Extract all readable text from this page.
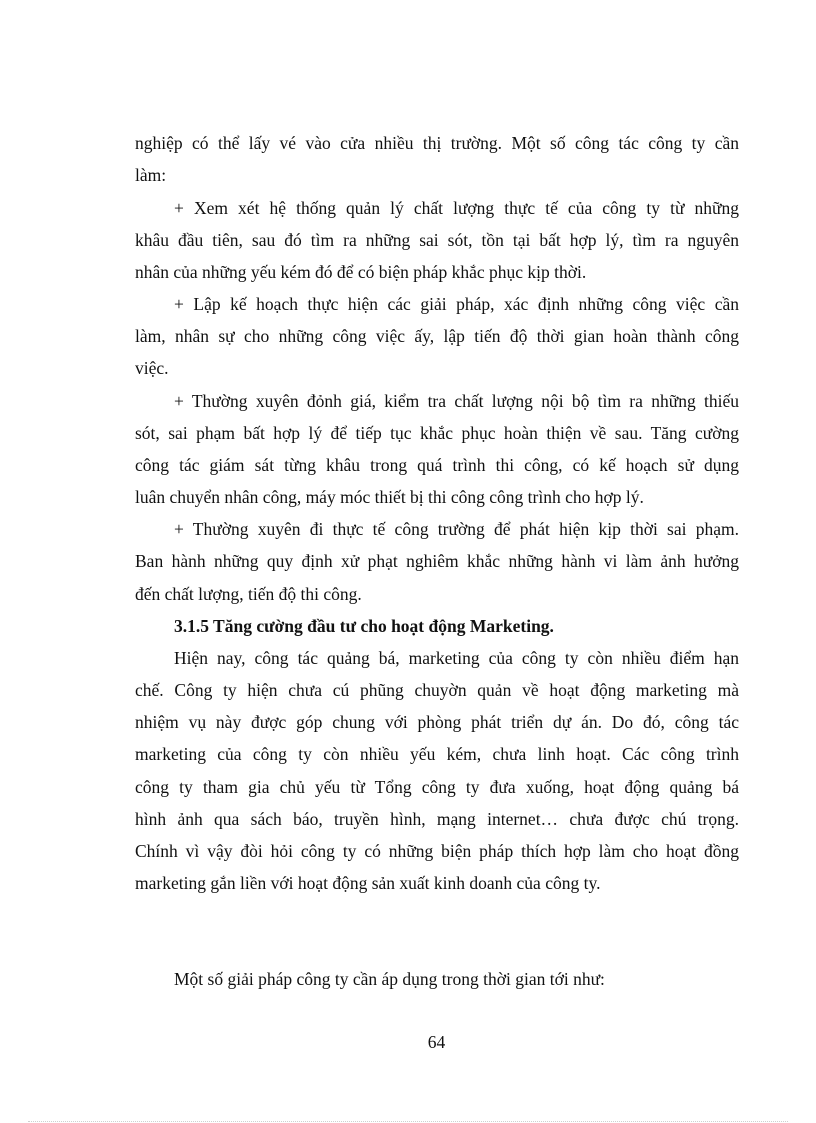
nghiệp có thể lấy vé vào cửa nhiều thị trường. Một số công tác công ty cần
làm:
+ Xem xét hệ thống quản lý chất lượng thực tế của công ty từ những
khâu đầu tiên, sau đó tìm ra những sai sót, tồn tại bất hợp lý, tìm ra nguyên
nhân của những yếu kém đó để có biện pháp khắc phục kịp thời.
+ Lập kế hoạch thực hiện các giải pháp, xác định những công việc cần
làm, nhân sự cho những công việc ấy, lập tiến độ thời gian hoàn thành công
việc.
+ Thường xuyên đỏnh giá, kiểm tra chất lượng nội bộ tìm ra những thiếu
sót, sai phạm bất hợp lý để tiếp tục khắc phục hoàn thiện về sau. Tăng cường
công tác giám sát từng khâu trong quá trình thi công, có kế hoạch sử dụng
luân chuyển nhân công, máy móc thiết bị thi công công trình cho hợp lý.
+ Thường xuyên đi thực tế công trường để phát hiện kịp thời sai phạm.
Ban hành những quy định xử phạt nghiêm khắc những hành vi làm ảnh hưởng
đến chất lượng, tiến độ thi công.
3.1.5 Tăng cường đầu tư cho hoạt động Marketing.
Hiện nay, công tác quảng bá, marketing của công ty còn nhiều điểm hạn
chế. Công ty hiện chưa cú phũng chuyờn quản về hoạt động marketing mà
nhiệm vụ này được góp chung với phòng phát triển dự án. Do đó, công tác
marketing của công ty còn nhiều yếu kém, chưa linh hoạt. Các công trình
công ty tham gia chủ yếu từ Tổng công ty đưa xuống, hoạt động quảng bá
hình ảnh qua sách báo, truyền hình, mạng internet… chưa được chú trọng.
Chính vì vậy đòi hỏi công ty có những biện pháp thích hợp làm cho hoạt đồng
marketing gắn liền với hoạt động sản xuất kinh doanh của công ty.
Một số giải pháp công ty cần áp dụng trong thời gian tới như:
64
